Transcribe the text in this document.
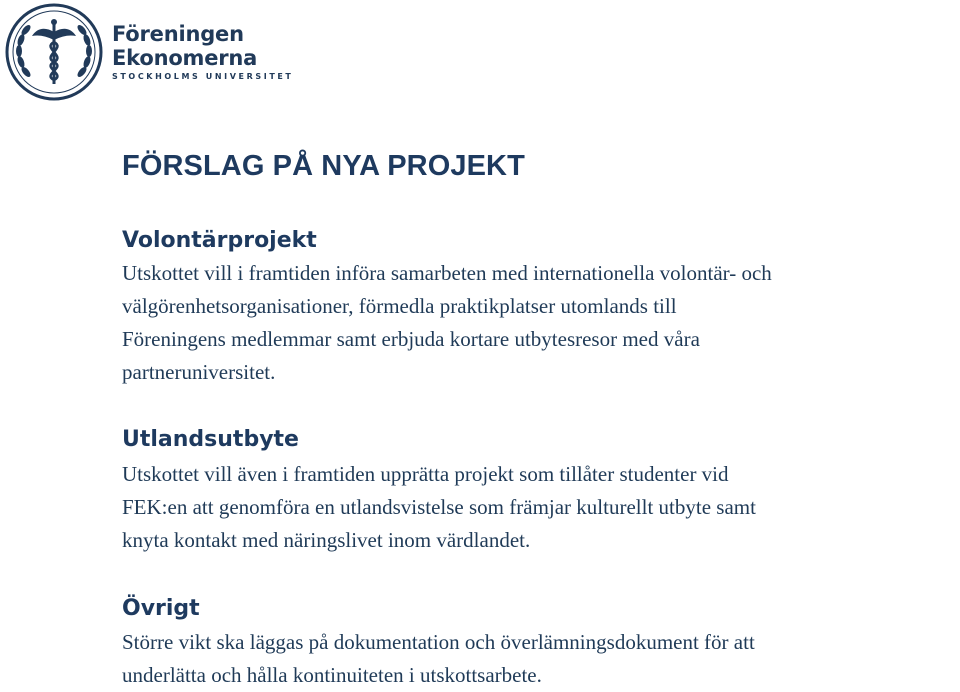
Föreningen
Ekonomerna
STOCKHOLMS UNIVERSITET
FÖRSLAG PÅ NYA PROJEKT
Volontärprojekt

Utskottet vill i framtiden införa samarbeten med internationella volontär- och
välgörenhetsorganisationer, förmedla praktikplatser utomlands till
Föreningens medlemmar samt erbjuda kortare utbytesresor med våra
partneruniversitet.

Utlandsutbyte

Utskottet vill även i framtiden upprätta projekt som tillåter studenter vid
FEK:en att genomföra en utlandsvistelse som främjar kulturellt utbyte samt
knyta kontakt med näringslivet inom värdlandet.

Övrigt

Större vikt ska läggas på dokumentation och överlämningsdokument för att
underlätta och hålla kontinuiteten i utskottsarbete.
